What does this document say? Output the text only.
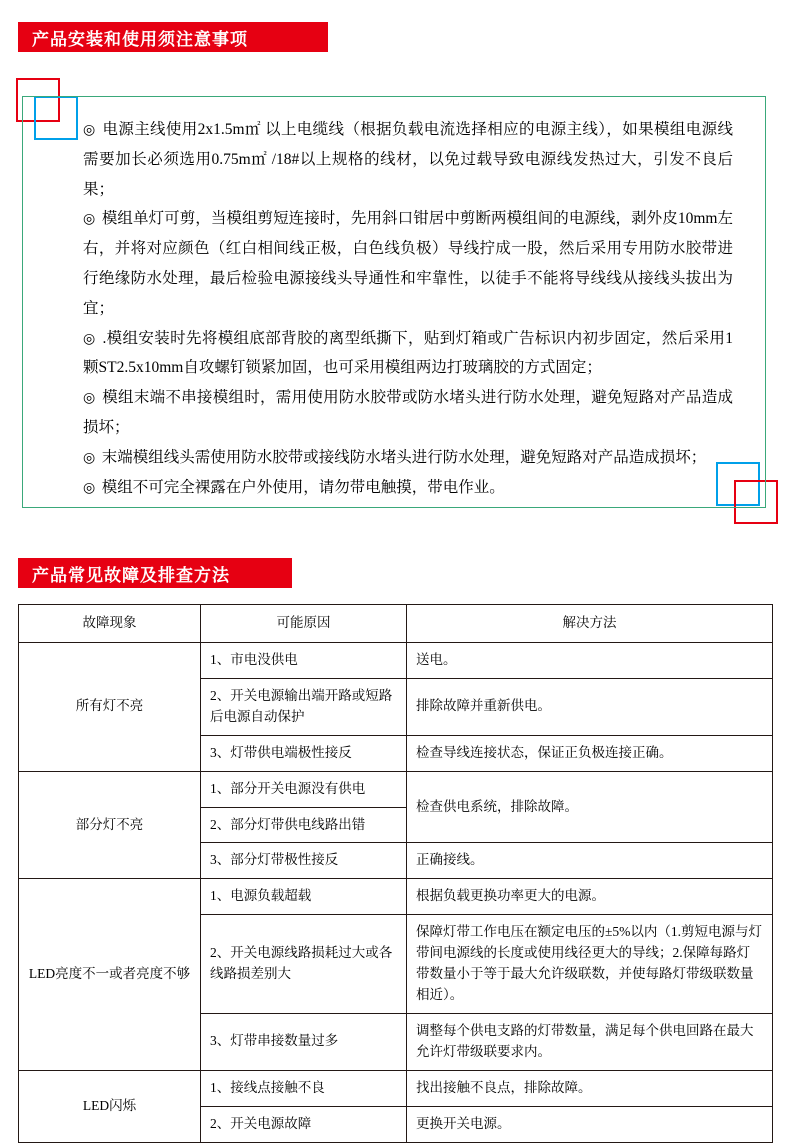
产品安装和使用须注意事项

◎ 电源主线使用2x1.5m㎡ 以上电缆线（根据负载电流选择相应的电源主线），如果模组电源线需要加长必须选用0.75m㎡ /18#以上规格的线材，以免过载导致电源线发热过大，引发不良后果；

◎ 模组单灯可剪，当模组剪短连接时，先用斜口钳居中剪断两模组间的电源线，剥外皮10mm左右，并将对应颜色（红白相间线正极，白色线负极）导线拧成一股，然后采用专用防水胶带进行绝缘防水处理，最后检验电源接线头导通性和牢靠性，以徒手不能将导线线从接线头拔出为宜；

◎ .模组安装时先将模组底部背胶的离型纸撕下，贴到灯箱或广告标识内初步固定，然后采用1颗ST2.5x10mm自攻螺钉锁紧加固，也可采用模组两边打玻璃胶的方式固定；

◎ 模组末端不串接模组时，需用使用防水胶带或防水堵头进行防水处理，避免短路对产品造成损坏；

◎ 末端模组线头需使用防水胶带或接线防水堵头进行防水处理，避免短路对产品造成损坏；

◎ 模组不可完全裸露在户外使用，请勿带电触摸，带电作业。

产品常见故障及排查方法
故障现象	可能原因	解决方法
所有灯不亮	1、市电没供电	送电。
	2、开关电源输出端开路或短路后电源自动保护	排除故障并重新供电。
	3、灯带供电端极性接反	检查导线连接状态，保证正负极连接正确。
部分灯不亮	1、部分开关电源没有供电	检查供电系统，排除故障。
	2、部分灯带供电线路出错	
	3、部分灯带极性接反	正确接线。
LED亮度不一或者亮度不够	1、电源负载超载	根据负载更换功率更大的电源。
	2、开关电源线路损耗过大或各线路损差别大	保障灯带工作电压在额定电压的±5%以内（1.剪短电源与灯带间电源线的长度或使用线径更大的导线；2.保障每路灯带数量小于等于最大允许级联数，并使每路灯带级联数量相近）。
	3、灯带串接数量过多	调整每个供电支路的灯带数量，满足每个供电回路在最大允许灯带级联要求内。
LED闪烁	1、接线点接触不良	找出接触不良点，排除故障。
	2、开关电源故障	更换开关电源。
